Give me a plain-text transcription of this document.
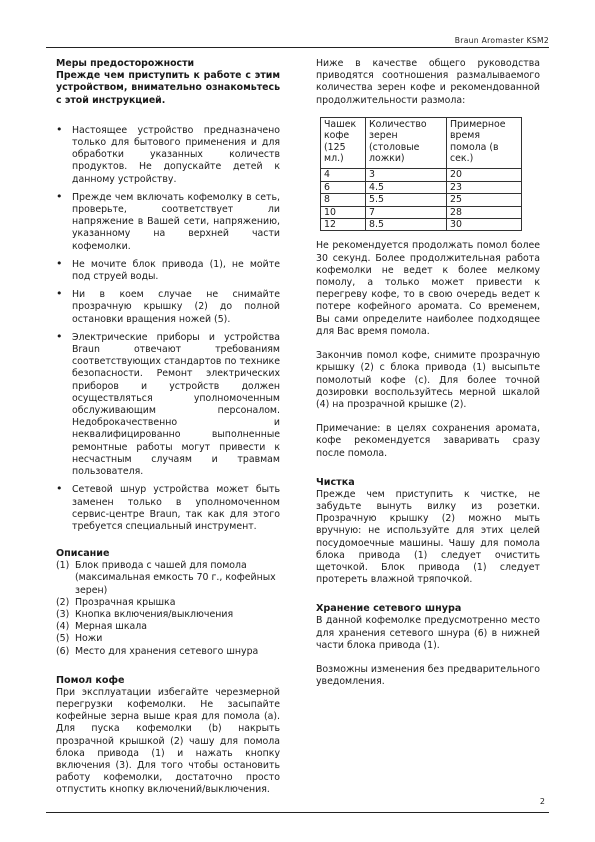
Braun Aromaster KSM2

Меры предосторожности

Прежде чем приступить к работе с этим устройством, внимательно ознакомьтесь с этой инструкцией.

• Настоящее устройство предназначено только для бытового применения и для обработки указанных количеств продуктов. Не допускайте детей к данному устройству.
• Прежде чем включать кофемолку в сеть, проверьте, соответствует ли напряжение в Вашей сети, напряжению, указанному на верхней части кофемолки.
• Не мочите блок привода (1), не мойте под струей воды.
• Ни в коем случае не снимайте прозрачную крышку (2) до полной остановки вращения ножей (5).
• Электрические приборы и устройства Braun отвечают требованиям соответствующих стандартов по технике безопасности. Ремонт электрических приборов и устройств должен осуществляться уполномоченным обслуживающим персоналом. Недоброкачественно и неквалифицированно выполненные ремонтные работы могут привести к несчастным случаям и травмам пользователя.
• Сетевой шнур устройства может быть заменен только в уполномоченном сервис-центре Braun, так как для этого требуется специальный инструмент.
Описание
(1) Блок привода с чашей для помола (максимальная емкость 70 г., кофейных зерен)
(2) Прозрачная крышка
(3) Кнопка включения/выключения
(4) Мерная шкала
(5) Ножи
(6) Место для хранения сетевого шнура
Помол кофе

При эксплуатации избегайте черезмерной перегрузки кофемолки. Не засыпайте кофейные зерна выше края для помола (a). Для пуска кофемолки (b) накрыть прозрачной крышкой (2) чашу для помола блока привода (1) и нажать кнопку включения (3). Для того чтобы остановить работу кофемолки, достаточно просто отпустить кнопку включений/выключения.

Ниже в качестве общего руководства приводятся соотношения размалываемого количества зерен кофе и рекомендованной продолжительности размола:

Чашек кофе (125 мл.)	Количество зерен (столовые ложки)	Примерное время помола (в сек.)
4	3	20
6	4.5	23
8	5.5	25
10	7	28
12	8.5	30

Не рекомендуется продолжать помол более 30 секунд. Более продолжительная работа кофемолки не ведет к более мелкому помолу, а только может привести к перегреву кофе, то в свою очередь ведет к потере кофейного аромата. Со временем, Вы сами определите наиболее подходящее для Вас время помола.

Закончив помол кофе, снимите прозрачную крышку (2) с блока привода (1) высыпьте помолотый кофе (c). Для более точной дозировки воспользуйтесь мерной шкалой (4) на прозрачной крышке (2).

Примечание: в целях сохранения аромата, кофе рекомендуется заваривать сразу после помола.

Чистка

Прежде чем приступить к чистке, не забудьте вынуть вилку из розетки. Прозрачную крышку (2) можно мыть вручную: не используйте для этих целей посудомоечные машины. Чашу для помола блока привода (1) следует очистить щеточкой. Блок привода (1) следует протереть влажной тряпочкой.

Хранение сетевого шнура

В данной кофемолке предусмотренно место для хранения сетевого шнура (6) в нижней части блока привода (1).

Возможны изменения без предварительного уведомления.

2
